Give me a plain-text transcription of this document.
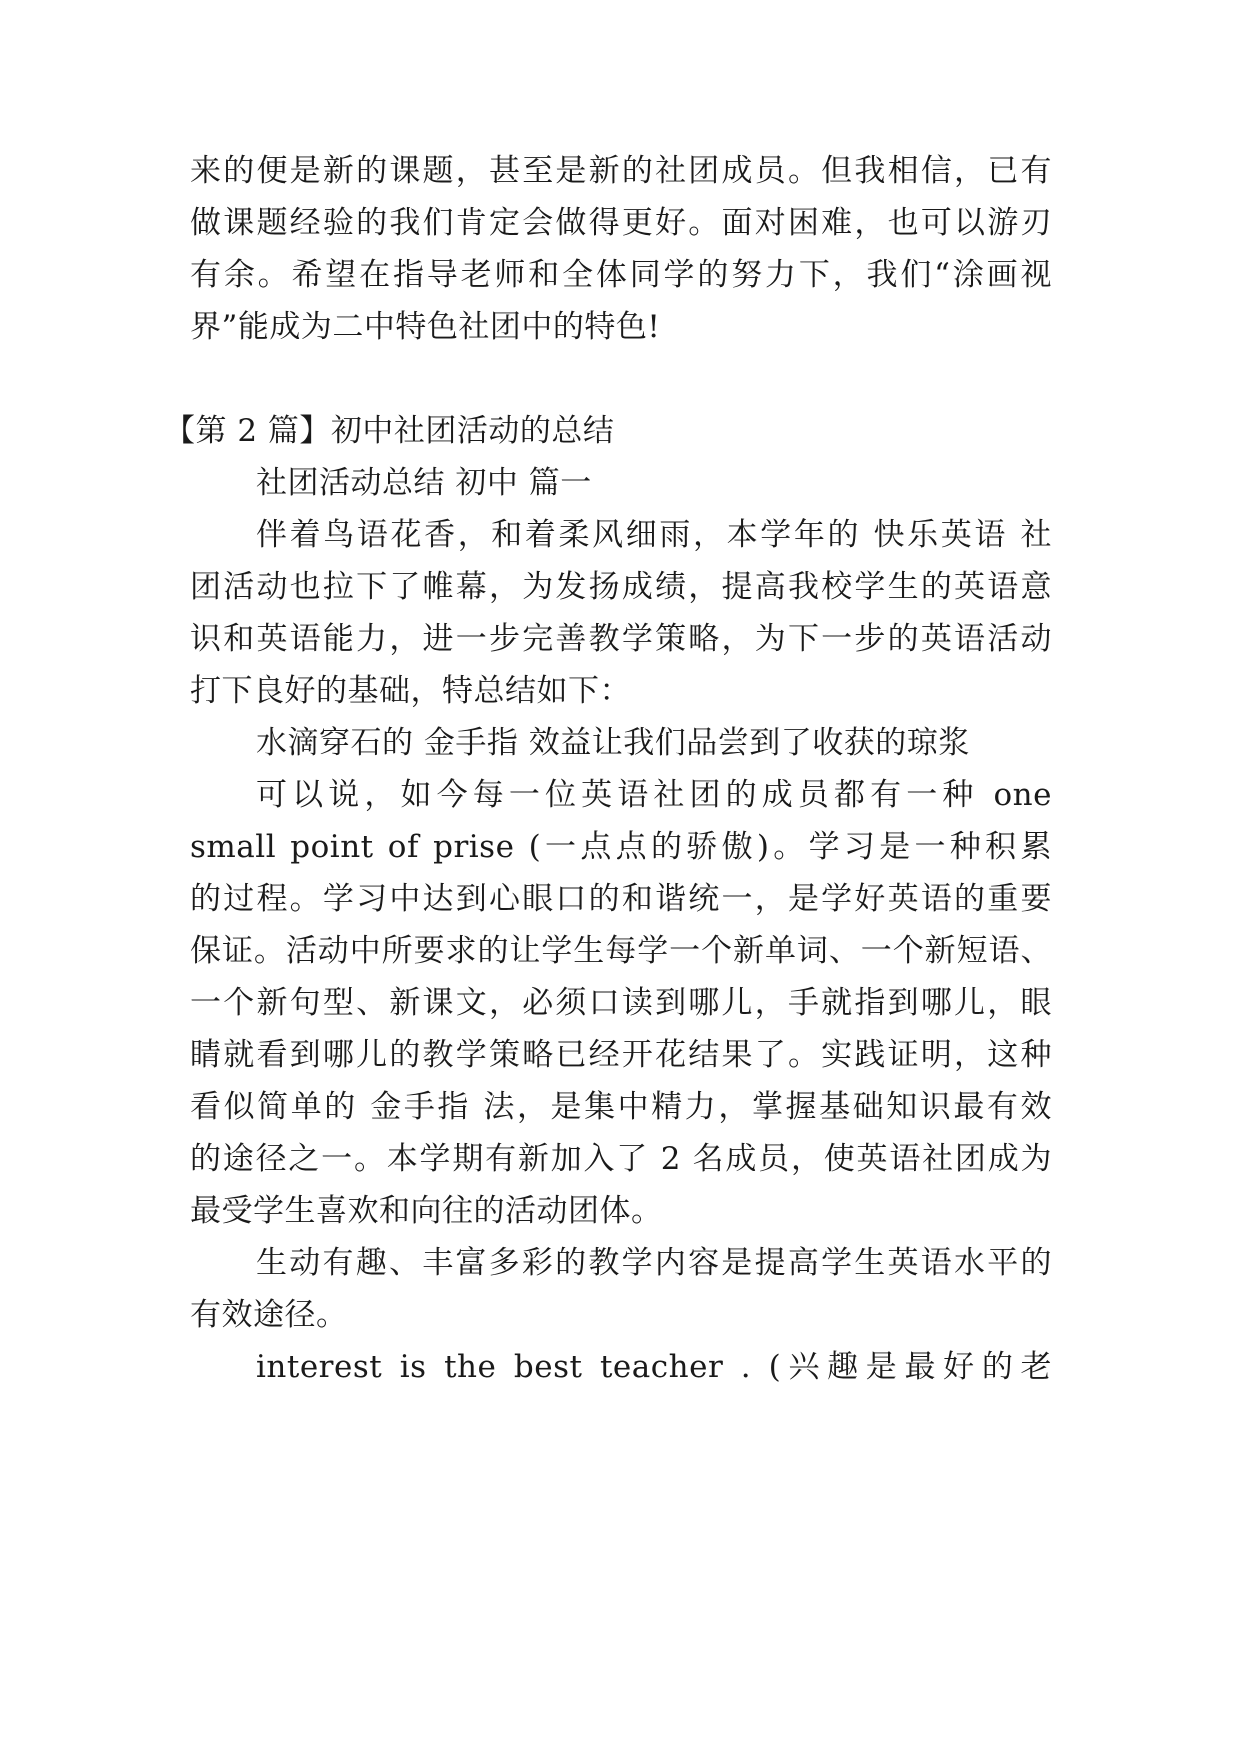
来的便是新的课题，甚至是新的社团成员。但我相信，已有
做课题经验的我们肯定会做得更好。面对困难，也可以游刃
有余。希望在指导老师和全体同学的努力下，我们“涂画视
界”能成为二中特色社团中的特色!
【第 2 篇】初中社团活动的总结
社团活动总结 初中 篇一
伴着鸟语花香，和着柔风细雨，本学年的 快乐英语 社
团活动也拉下了帷幕，为发扬成绩，提高我校学生的英语意
识和英语能力，进一步完善教学策略，为下一步的英语活动
打下良好的基础，特总结如下：
水滴穿石的 金手指 效益让我们品尝到了收获的琼浆
可以说，如今每一位英语社团的成员都有一种 one
small point of prise (一点点的骄傲)。学习是一种积累
的过程。学习中达到心眼口的和谐统一，是学好英语的重要
保证。活动中所要求的让学生每学一个新单词、一个新短语、
一个新句型、新课文，必须口读到哪儿，手就指到哪儿，眼
睛就看到哪儿的教学策略已经开花结果了。实践证明，这种
看似简单的 金手指 法，是集中精力，掌握基础知识最有效
的途径之一。本学期有新加入了 2 名成员，使英语社团成为
最受学生喜欢和向往的活动团体。
生动有趣、丰富多彩的教学内容是提高学生英语水平的
有效途径。
interest is the best teacher . (兴趣是最好的老
